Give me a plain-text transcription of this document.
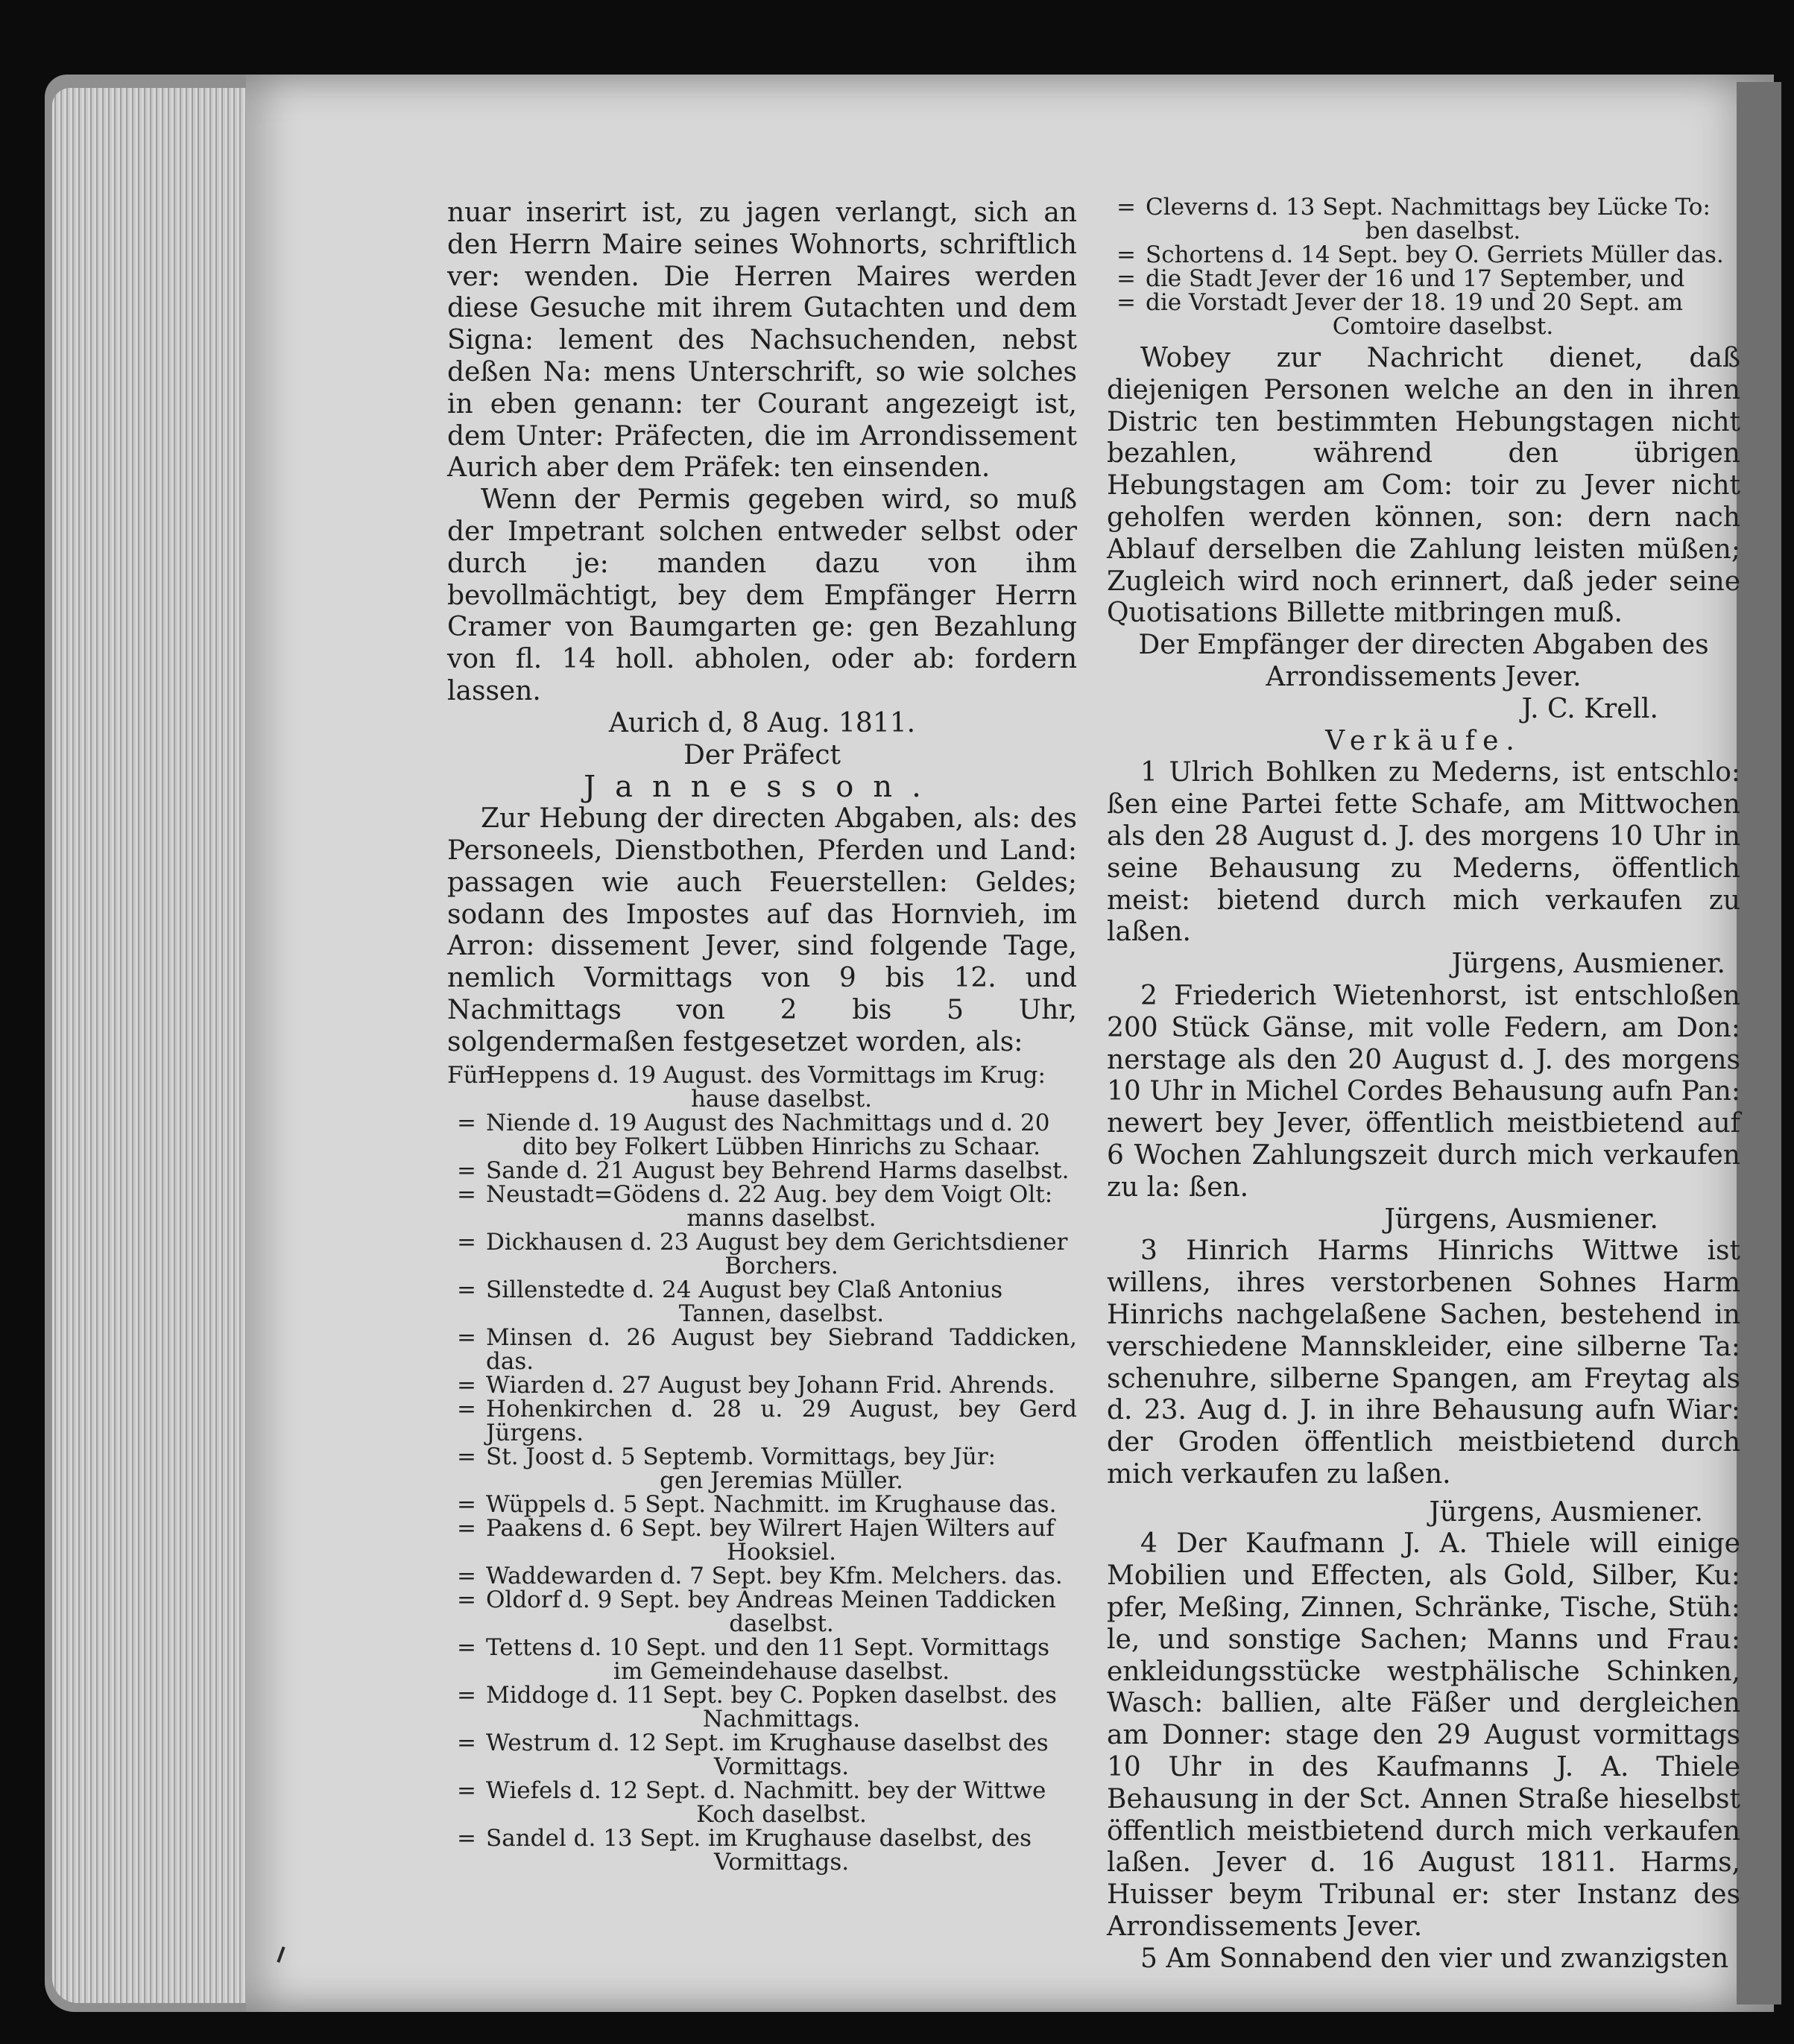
nuar inserirt ist, zu jagen verlangt, sich an den Herrn Maire seines Wohnorts, schriftlich ver: wenden. Die Herren Maires werden diese Gesuche mit ihrem Gutachten und dem Signa: lement des Nachsuchenden, nebst deßen Na: mens Unterschrift, so wie solches in eben genann: ter Courant angezeigt ist, dem Unter: Präfecten, die im Arrondissement Aurich aber dem Präfek: ten einsenden.

Wenn der Permis gegeben wird, so muß der Impetrant solchen entweder selbst oder durch je: manden dazu von ihm bevollmächtigt, bey dem Empfänger Herrn Cramer von Baumgarten ge: gen Bezahlung von fl. 14 holl. abholen, oder ab: fordern lassen.

Aurich d, 8 Aug. 1811.

Der Präfect

Jannesson.

Zur Hebung der directen Abgaben, als: des Personeels, Dienstbothen, Pferden und Land: passagen wie auch Feuerstellen: Geldes; sodann des Impostes auf das Hornvieh, im Arron: dissement Jever, sind folgende Tage, nemlich Vormittags von 9 bis 12. und Nachmittags von 2 bis 5 Uhr, solgendermaßen festgesetzet worden, als:

Für
Heppens d. 19 August. des Vormittags im Krug:
hause daselbst.
= Niende d. 19 August des Nachmittags und d. 20
dito bey Folkert Lübben Hinrichs zu Schaar.
= Sande d. 21 August bey Behrend Harms daselbst.
= Neustadt=Gödens d. 22 Aug. bey dem Voigt Olt:
manns daselbst.
= Dickhausen d. 23 August bey dem Gerichtsdiener
Borchers.
= Sillenstedte d. 24 August bey Claß Antonius
Tannen, daselbst.
= Minsen d. 26 August bey Siebrand Taddicken, das.
= Wiarden d. 27 August bey Johann Frid. Ahrends.
= Hohenkirchen d. 28 u. 29 August, bey Gerd Jürgens.
= St. Joost d. 5 Septemb. Vormittags, bey Jür:
gen Jeremias Müller.
= Wüppels d. 5 Sept. Nachmitt. im Krughause das.
= Paakens d. 6 Sept. bey Wilrert Hajen Wilters auf
Hooksiel.
= Waddewarden d. 7 Sept. bey Kfm. Melchers. das.
= Oldorf d. 9 Sept. bey Andreas Meinen Taddicken
daselbst.
= Tettens d. 10 Sept. und den 11 Sept. Vormittags
im Gemeindehause daselbst.
= Middoge d. 11 Sept. bey C. Popken daselbst. des
Nachmittags.
= Westrum d. 12 Sept. im Krughause daselbst des
Vormittags.
= Wiefels d. 12 Sept. d. Nachmitt. bey der Wittwe
Koch daselbst.
= Sandel d. 13 Sept. im Krughause daselbst, des
Vormittags.
= Cleverns d. 13 Sept. Nachmittags bey Lücke To:
ben daselbst.
= Schortens d. 14 Sept. bey O. Gerriets Müller das.
= die Stadt Jever der 16 und 17 September, und
= die Vorstadt Jever der 18. 19 und 20 Sept. am
Comtoire daselbst.

Wobey zur Nachricht dienet, daß diejenigen Personen welche an den in ihren Distric ten bestimmten Hebungstagen nicht bezahlen, während den übrigen Hebungstagen am Com: toir zu Jever nicht geholfen werden können, son: dern nach Ablauf derselben die Zahlung leisten müßen; Zugleich wird noch erinnert, daß jeder seine Quotisations Billette mitbringen muß.

Der Empfänger der directen Abgaben des

Arrondissements Jever.

J. C. Krell.

Verkäufe.

1 Ulrich Bohlken zu Mederns, ist entschlo: ßen eine Partei fette Schafe, am Mittwochen als den 28 August d. J. des morgens 10 Uhr in seine Behausung zu Mederns, öffentlich meist: bietend durch mich verkaufen zu laßen.

Jürgens, Ausmiener.

2 Friederich Wietenhorst, ist entschloßen 200 Stück Gänse, mit volle Federn, am Don: nerstage als den 20 August d. J. des morgens 10 Uhr in Michel Cordes Behausung aufn Pan: newert bey Jever, öffentlich meistbietend auf 6 Wochen Zahlungszeit durch mich verkaufen zu la: ßen.

Jürgens, Ausmiener.

3 Hinrich Harms Hinrichs Wittwe ist willens, ihres verstorbenen Sohnes Harm Hinrichs nachgelaßene Sachen, bestehend in verschiedene Mannskleider, eine silberne Ta: schenuhre, silberne Spangen, am Freytag als d. 23. Aug d. J. in ihre Behausung aufn Wiar: der Groden öffentlich meistbietend durch mich verkaufen zu laßen.

Jürgens, Ausmiener.

4 Der Kaufmann J. A. Thiele will einige Mobilien und Effecten, als Gold, Silber, Ku: pfer, Meßing, Zinnen, Schränke, Tische, Stüh: le, und sonstige Sachen; Manns und Frau: enkleidungsstücke westphälische Schinken, Wasch: ballien, alte Fäßer und dergleichen am Donner: stage den 29 August vormittags 10 Uhr in des Kaufmanns J. A. Thiele Behausung in der Sct. Annen Straße hieselbst öffentlich meistbietend durch mich verkaufen laßen. Jever d. 16 August 1811. Harms, Huisser beym Tribunal er: ster Instanz des Arrondissements Jever.

5 Am Sonnabend den vier und zwanzigsten
